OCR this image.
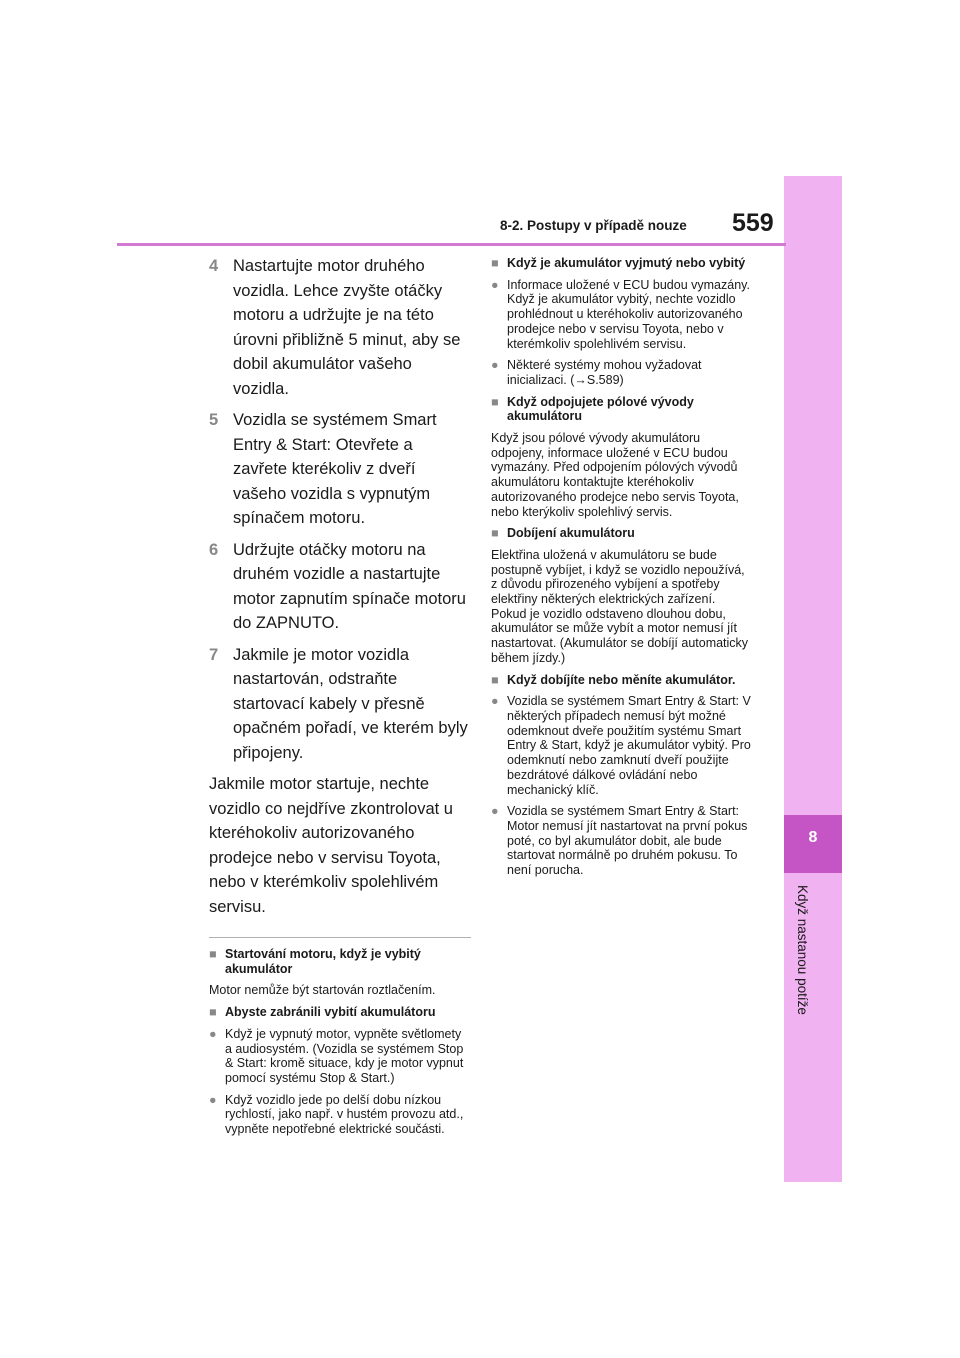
8
Když nastanou potíže
8-2. Postupy v případě nouze 559
4 Nastartujte motor druhého vozidla. Lehce zvyšte otáčky motoru a udržujte je na této úrovni přibližně 5 minut, aby se dobil akumulátor vašeho vozidla.
5 Vozidla se systémem Smart Entry & Start: Otevřete a zavřete kterékoliv z dveří vašeho vozidla s vypnutým spínačem motoru.
6 Udržujte otáčky motoru na druhém vozidle a nastartujte motor zapnutím spínače motoru do ZAPNUTO.
7 Jakmile je motor vozidla nastartován, odstraňte startovací kabely v přesně opačném pořadí, ve kterém byly připojeny.
Jakmile motor startuje, nechte vozidlo co nejdříve zkontrolovat u kteréhokoliv autorizovaného prodejce nebo v servisu Toyota, nebo v kterémkoliv spolehlivém servisu.
■ Startování motoru, když je vybitý akumulátor
Motor nemůže být startován roztlačením.
■ Abyste zabránili vybití akumulátoru
● Když je vypnutý motor, vypněte světlomety a audiosystém. (Vozidla se systémem Stop & Start: kromě situace, kdy je motor vypnut pomocí systému Stop & Start.)
● Když vozidlo jede po delší dobu nízkou rychlostí, jako např. v hustém provozu atd., vypněte nepotřebné elektrické součásti.
■ Když je akumulátor vyjmutý nebo vybitý
● Informace uložené v ECU budou vymazány. Když je akumulátor vybitý, nechte vozidlo prohlédnout u kteréhokoliv autorizovaného prodejce nebo v servisu Toyota, nebo v kterémkoliv spolehlivém servisu.
● Některé systémy mohou vyžadovat inicializaci. (→S.589)
■ Když odpojujete pólové vývody akumulátoru
Když jsou pólové vývody akumulátoru odpojeny, informace uložené v ECU budou vymazány. Před odpojením pólových vývodů akumulátoru kontaktujte kteréhokoliv autorizovaného prodejce nebo servis Toyota, nebo kterýkoliv spolehlivý servis.
■ Dobíjení akumulátoru
Elektřina uložená v akumulátoru se bude postupně vybíjet, i když se vozidlo nepoužívá, z důvodu přirozeného vybíjení a spotřeby elektřiny některých elektrických zařízení. Pokud je vozidlo odstaveno dlouhou dobu, akumulátor se může vybít a motor nemusí jít nastartovat. (Akumulátor se dobíjí automaticky během jízdy.)
■ Když dobíjíte nebo měníte akumulátor.
● Vozidla se systémem Smart Entry & Start: V některých případech nemusí být možné odemknout dveře použitím systému Smart Entry & Start, když je akumulátor vybitý. Pro odemknutí nebo zamknutí dveří použijte bezdrátové dálkové ovládání nebo mechanický klíč.
● Vozidla se systémem Smart Entry & Start: Motor nemusí jít nastartovat na první pokus poté, co byl akumulátor dobit, ale bude startovat normálně po druhém pokusu. To není porucha.
